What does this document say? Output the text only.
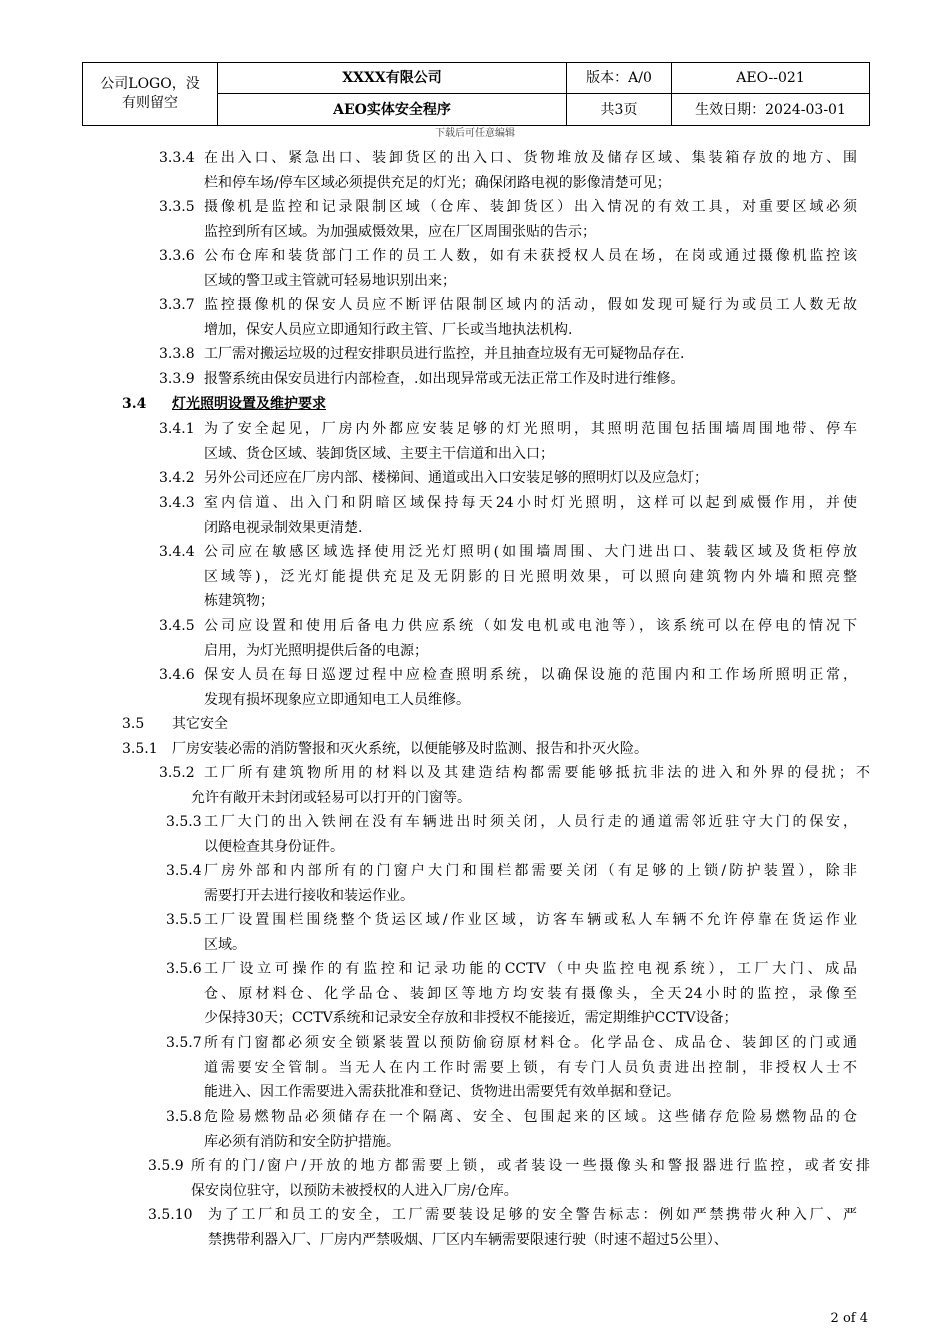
公司LOGO，没有则留空	XXXX有限公司	版本：A/0	AEO--021
	AEO实体安全程序	共3页	生效日期：2024-03-01
下载后可任意编辑
3.3.4 在出入口、紧急出口、装卸货区的出入口、货物堆放及储存区域、集装箱存放的地方、围
栏和停车场/停车区域必须提供充足的灯光；确保闭路电视的影像清楚可见；
3.3.5 摄像机是监控和记录限制区域（仓库、装卸货区）出入情况的有效工具，对重要区域必须
监控到所有区域。为加强威慑效果，应在厂区周围张贴的告示；
3.3.6 公布仓库和装货部门工作的员工人数，如有未获授权人员在场，在岗或通过摄像机监控该
区域的警卫或主管就可轻易地识别出来；
3.3.7 监控摄像机的保安人员应不断评估限制区域内的活动，假如发现可疑行为或员工人数无故
增加，保安人员应立即通知行政主管、厂长或当地执法机构.
3.3.8 工厂需对搬运垃圾的过程安排职员进行监控，并且抽查垃圾有无可疑物品存在.
3.3.9 报警系统由保安员进行内部检查，.如出现异常或无法正常工作及时进行维修。
3.4 灯光照明设置及维护要求
3.4.1 为了安全起见，厂房内外都应安装足够的灯光照明，其照明范围包括围墙周围地带、停车
区域、货仓区域、装卸货区域、主要主干信道和出入口；
3.4.2 另外公司还应在厂房内部、楼梯间、通道或出入口安装足够的照明灯以及应急灯；
3.4.3 室内信道、出入门和阴暗区域保持每天24小时灯光照明，这样可以起到威慑作用，并使
闭路电视录制效果更清楚.
3.4.4 公司应在敏感区域选择使用泛光灯照明(如围墙周围、大门进出口、装载区域及货柜停放
区域等)，泛光灯能提供充足及无阴影的日光照明效果，可以照向建筑物内外墙和照亮整
栋建筑物；
3.4.5 公司应设置和使用后备电力供应系统（如发电机或电池等），该系统可以在停电的情况下
启用，为灯光照明提供后备的电源；
3.4.6 保安人员在每日巡逻过程中应检查照明系统，以确保设施的范围内和工作场所照明正常，
发现有损坏现象应立即通知电工人员维修。
3.5 其它安全
3.5.1 厂房安装必需的消防警报和灭火系统，以便能够及时监测、报告和扑灭火险。
3.5.2 工厂所有建筑物所用的材料以及其建造结构都需要能够抵抗非法的进入和外界的侵扰；不
允许有敞开未封闭或轻易可以打开的门窗等。
3.5.3 工厂大门的出入铁闸在没有车辆进出时须关闭，人员行走的通道需邻近驻守大门的保安，
以便检查其身份证件。
3.5.4 厂房外部和内部所有的门窗户大门和围栏都需要关闭（有足够的上锁/防护装置），除非
需要打开去进行接收和装运作业。
3.5.5 工厂设置围栏围绕整个货运区域/作业区域，访客车辆或私人车辆不允许停靠在货运作业
区域。
3.5.6 工厂设立可操作的有监控和记录功能的CCTV（中央监控电视系统），工厂大门、成品
仓、原材料仓、化学品仓、装卸区等地方均安装有摄像头，全天24小时的监控，录像至
少保持30天；CCTV系统和记录安全存放和非授权不能接近，需定期维护CCTV设备；
3.5.7 所有门窗都必须安全锁紧装置以预防偷窃原材料仓。化学品仓、成品仓、装卸区的门或通
道需要安全管制。当无人在内工作时需要上锁，有专门人员负责进出控制，非授权人士不
能进入、因工作需要进入需获批准和登记、货物进出需要凭有效单据和登记。
3.5.8 危险易燃物品必须储存在一个隔离、安全、包围起来的区域。这些储存危险易燃物品的仓
库必须有消防和安全防护措施。
3.5.9 所有的门/窗户/开放的地方都需要上锁，或者装设一些摄像头和警报器进行监控，或者安排
保安岗位驻守，以预防未被授权的人进入厂房/仓库。
3.5.10 为了工厂和员工的安全，工厂需要装设足够的安全警告标志：例如严禁携带火种入厂、严
禁携带利器入厂、厂房内严禁吸烟、厂区内车辆需要限速行驶（时速不超过5公里）、
2 of 4
